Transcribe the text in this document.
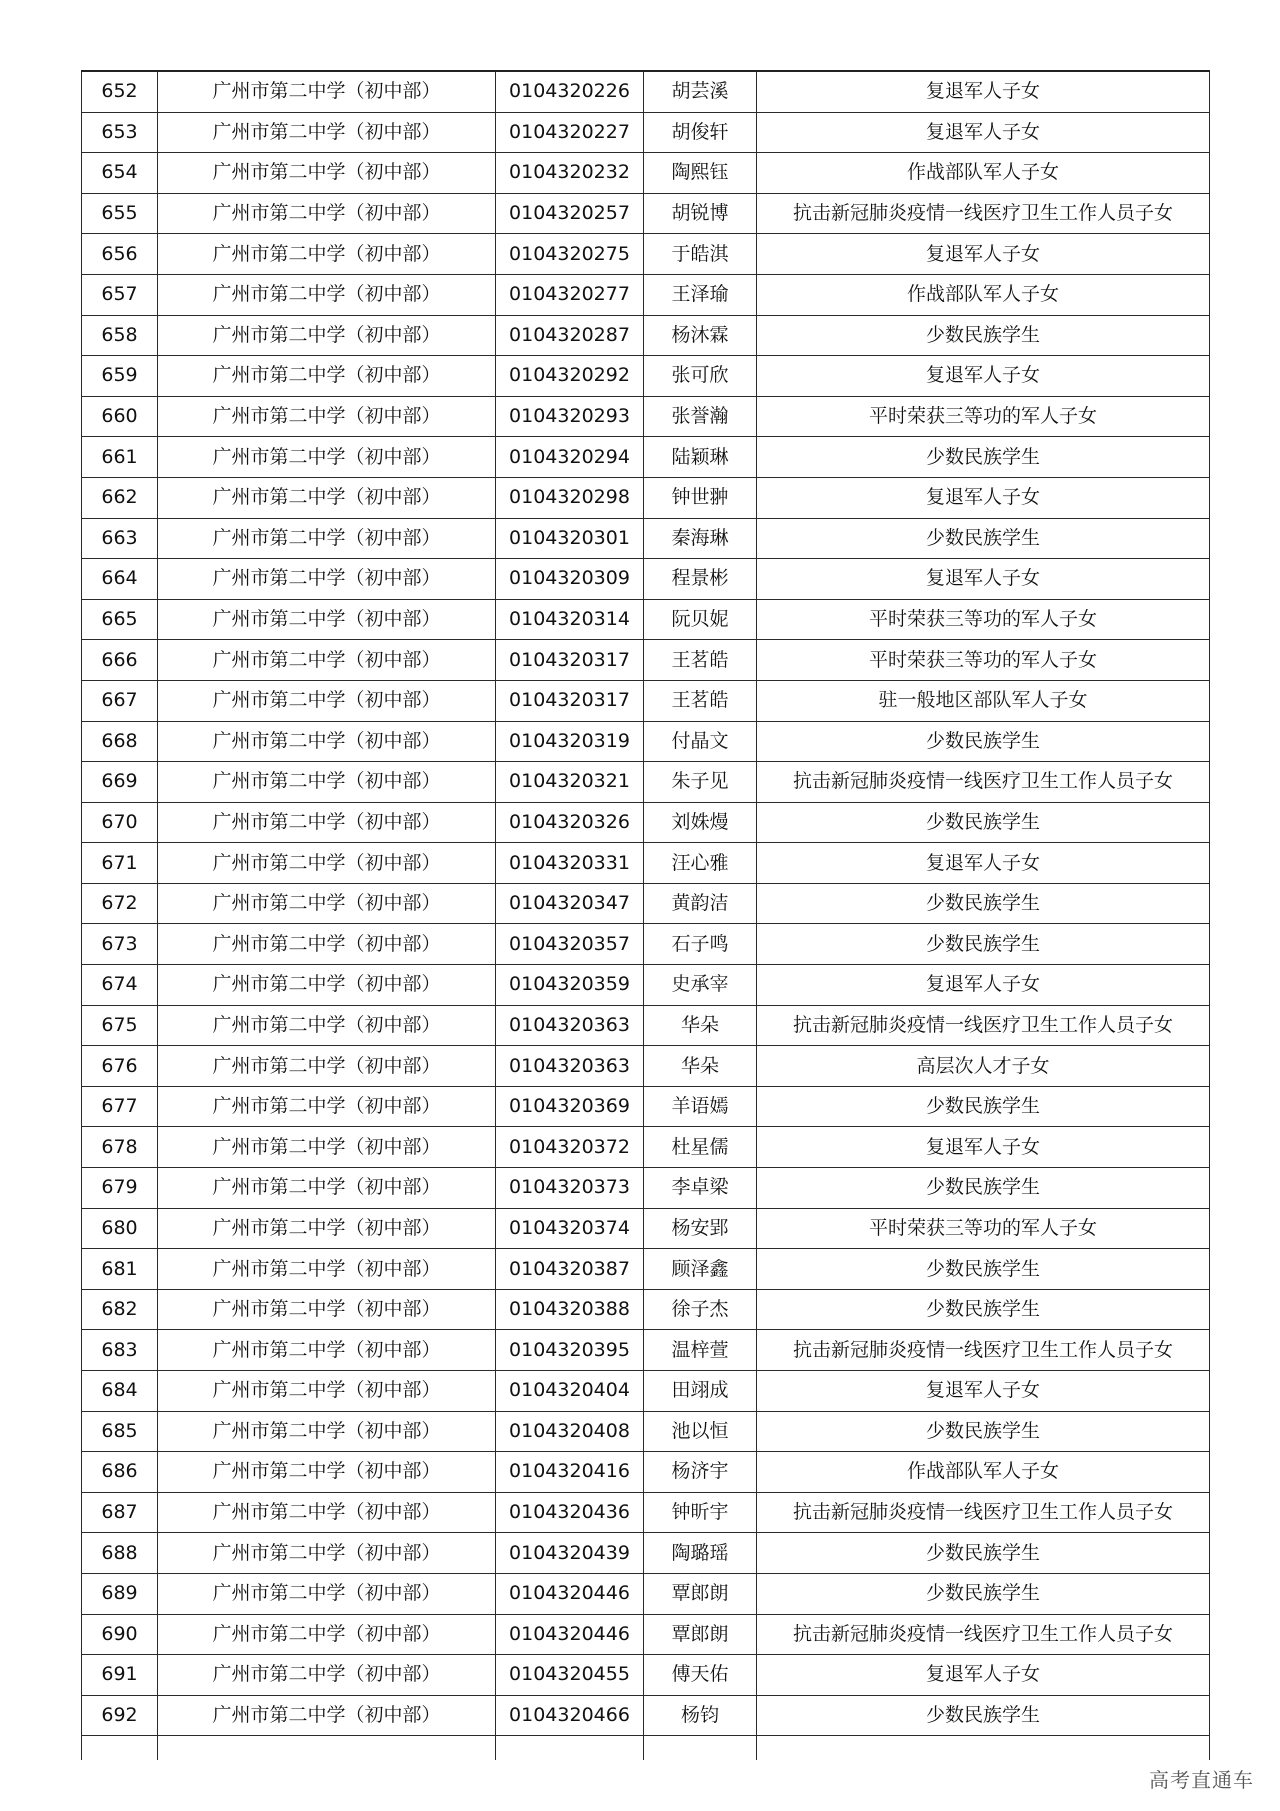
652	广州市第二中学（初中部）	0104320226	胡芸溪	复退军人子女
653	广州市第二中学（初中部）	0104320227	胡俊轩	复退军人子女
654	广州市第二中学（初中部）	0104320232	陶熙钰	作战部队军人子女
655	广州市第二中学（初中部）	0104320257	胡锐博	抗击新冠肺炎疫情一线医疗卫生工作人员子女
656	广州市第二中学（初中部）	0104320275	于皓淇	复退军人子女
657	广州市第二中学（初中部）	0104320277	王泽瑜	作战部队军人子女
658	广州市第二中学（初中部）	0104320287	杨沐霖	少数民族学生
659	广州市第二中学（初中部）	0104320292	张可欣	复退军人子女
660	广州市第二中学（初中部）	0104320293	张誉瀚	平时荣获三等功的军人子女
661	广州市第二中学（初中部）	0104320294	陆颖琳	少数民族学生
662	广州市第二中学（初中部）	0104320298	钟世翀	复退军人子女
663	广州市第二中学（初中部）	0104320301	秦海琳	少数民族学生
664	广州市第二中学（初中部）	0104320309	程景彬	复退军人子女
665	广州市第二中学（初中部）	0104320314	阮贝妮	平时荣获三等功的军人子女
666	广州市第二中学（初中部）	0104320317	王茗皓	平时荣获三等功的军人子女
667	广州市第二中学（初中部）	0104320317	王茗皓	驻一般地区部队军人子女
668	广州市第二中学（初中部）	0104320319	付晶文	少数民族学生
669	广州市第二中学（初中部）	0104320321	朱子见	抗击新冠肺炎疫情一线医疗卫生工作人员子女
670	广州市第二中学（初中部）	0104320326	刘姝熳	少数民族学生
671	广州市第二中学（初中部）	0104320331	汪心雅	复退军人子女
672	广州市第二中学（初中部）	0104320347	黄韵洁	少数民族学生
673	广州市第二中学（初中部）	0104320357	石子鸣	少数民族学生
674	广州市第二中学（初中部）	0104320359	史承宰	复退军人子女
675	广州市第二中学（初中部）	0104320363	华朵	抗击新冠肺炎疫情一线医疗卫生工作人员子女
676	广州市第二中学（初中部）	0104320363	华朵	高层次人才子女
677	广州市第二中学（初中部）	0104320369	羊语嫣	少数民族学生
678	广州市第二中学（初中部）	0104320372	杜星儒	复退军人子女
679	广州市第二中学（初中部）	0104320373	李卓梁	少数民族学生
680	广州市第二中学（初中部）	0104320374	杨安郢	平时荣获三等功的军人子女
681	广州市第二中学（初中部）	0104320387	顾泽鑫	少数民族学生
682	广州市第二中学（初中部）	0104320388	徐子杰	少数民族学生
683	广州市第二中学（初中部）	0104320395	温梓萱	抗击新冠肺炎疫情一线医疗卫生工作人员子女
684	广州市第二中学（初中部）	0104320404	田翊成	复退军人子女
685	广州市第二中学（初中部）	0104320408	池以恒	少数民族学生
686	广州市第二中学（初中部）	0104320416	杨济宇	作战部队军人子女
687	广州市第二中学（初中部）	0104320436	钟昕宇	抗击新冠肺炎疫情一线医疗卫生工作人员子女
688	广州市第二中学（初中部）	0104320439	陶璐瑶	少数民族学生
689	广州市第二中学（初中部）	0104320446	覃郎朗	少数民族学生
690	广州市第二中学（初中部）	0104320446	覃郎朗	抗击新冠肺炎疫情一线医疗卫生工作人员子女
691	广州市第二中学（初中部）	0104320455	傅天佑	复退军人子女
692	广州市第二中学（初中部）	0104320466	杨钧	少数民族学生

高考直通车
